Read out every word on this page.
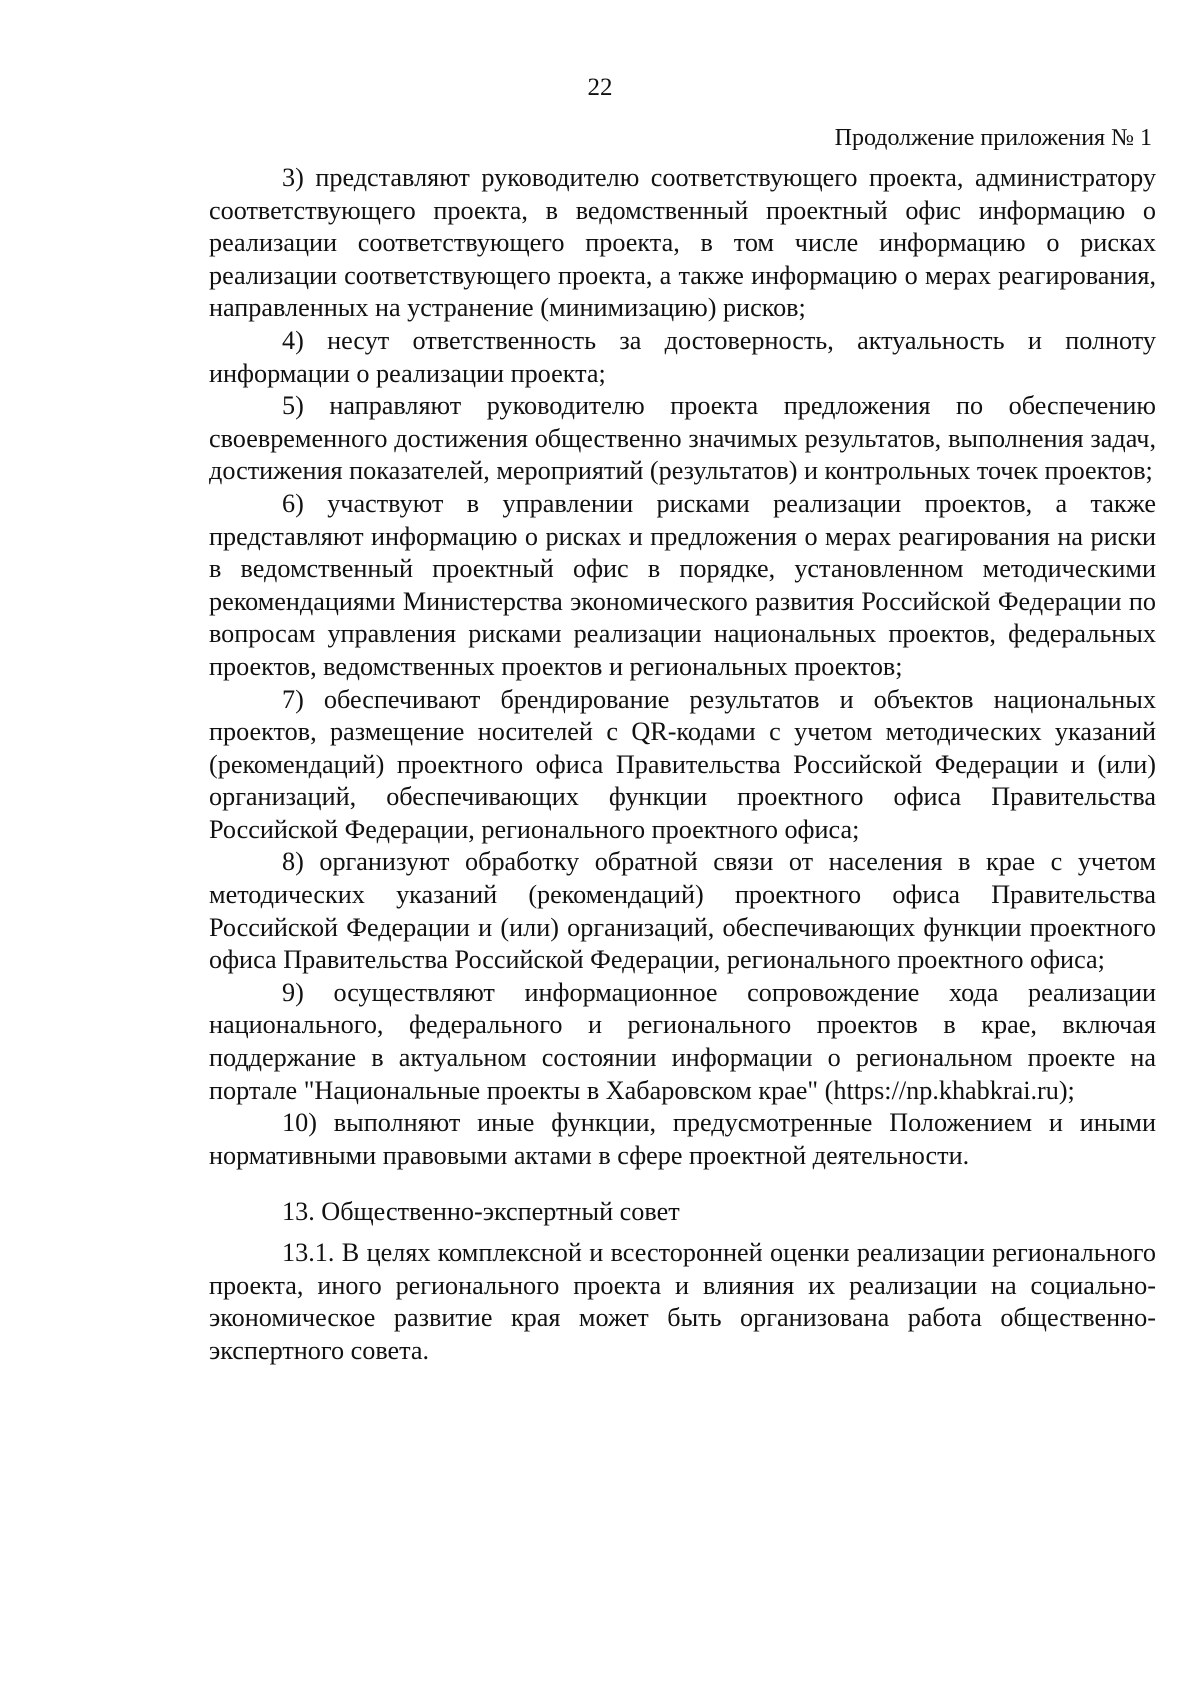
22
Продолжение приложения № 1

3) представляют руководителю соответствующего проекта, администратору соответствующего проекта, в ведомственный проектный офис информацию о реализации соответствующего проекта, в том числе информацию о рисках реализации соответствующего проекта, а также информацию о мерах реагирования, направленных на устранение (минимизацию) рисков;

4) несут ответственность за достоверность, актуальность и полноту информации о реализации проекта;

5) направляют руководителю проекта предложения по обеспечению своевременного достижения общественно значимых результатов, выполнения задач, достижения показателей, мероприятий (результатов) и контрольных точек проектов;

6) участвуют в управлении рисками реализации проектов, а также представляют информацию о рисках и предложения о мерах реагирования на риски в ведомственный проектный офис в порядке, установленном методическими рекомендациями Министерства экономического развития Российской Федерации по вопросам управления рисками реализации национальных проектов, федеральных проектов, ведомственных проектов и региональных проектов;

7) обеспечивают брендирование результатов и объектов национальных проектов, размещение носителей с QR-кодами с учетом методических указаний (рекомендаций) проектного офиса Правительства Российской Федерации и (или) организаций, обеспечивающих функции проектного офиса Правительства Российской Федерации, регионального проектного офиса;

8) организуют обработку обратной связи от населения в крае с учетом методических указаний (рекомендаций) проектного офиса Правительства Российской Федерации и (или) организаций, обеспечивающих функции проектного офиса Правительства Российской Федерации, регионального проектного офиса;

9) осуществляют информационное сопровождение хода реализации национального, федерального и регионального проектов в крае, включая поддержание в актуальном состоянии информации о региональном проекте на портале "Национальные проекты в Хабаровском крае" (https://np.khabkrai.ru);

10) выполняют иные функции, предусмотренные Положением и иными нормативными правовыми актами в сфере проектной деятельности.

13. Общественно-экспертный совет

13.1. В целях комплексной и всесторонней оценки реализации регионального проекта, иного регионального проекта и влияния их реализации на социально-экономическое развитие края может быть организована работа общественно-экспертного совета.
